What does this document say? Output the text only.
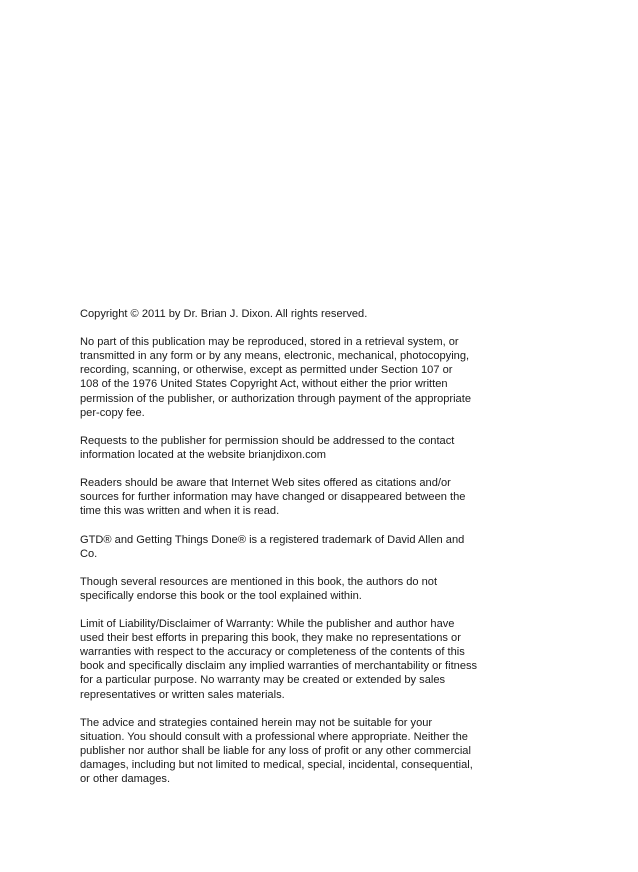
Copyright © 2011 by Dr. Brian J. Dixon. All rights reserved.

No part of this publication may be reproduced, stored in a retrieval system, or
transmitted in any form or by any means, electronic, mechanical, photocopying,
recording, scanning, or otherwise, except as permitted under Section 107 or
108 of the 1976 United States Copyright Act, without either the prior written
permission of the publisher, or authorization through payment of the appropriate
per-copy fee.

Requests to the publisher for permission should be addressed to the contact
information located at the website brianjdixon.com

Readers should be aware that Internet Web sites offered as citations and/or
sources for further information may have changed or disappeared between the
time this was written and when it is read.

GTD® and Getting Things Done® is a registered trademark of David Allen and
Co.

Though several resources are mentioned in this book, the authors do not
specifically endorse this book or the tool explained within.

Limit of Liability/Disclaimer of Warranty: While the publisher and author have
used their best efforts in preparing this book, they make no representations or
warranties with respect to the accuracy or completeness of the contents of this
book and specifically disclaim any implied warranties of merchantability or fitness
for a particular purpose. No warranty may be created or extended by sales
representatives or written sales materials.

The advice and strategies contained herein may not be suitable for your
situation. You should consult with a professional where appropriate. Neither the
publisher nor author shall be liable for any loss of profit or any other commercial
damages, including but not limited to medical, special, incidental, consequential,
or other damages.
